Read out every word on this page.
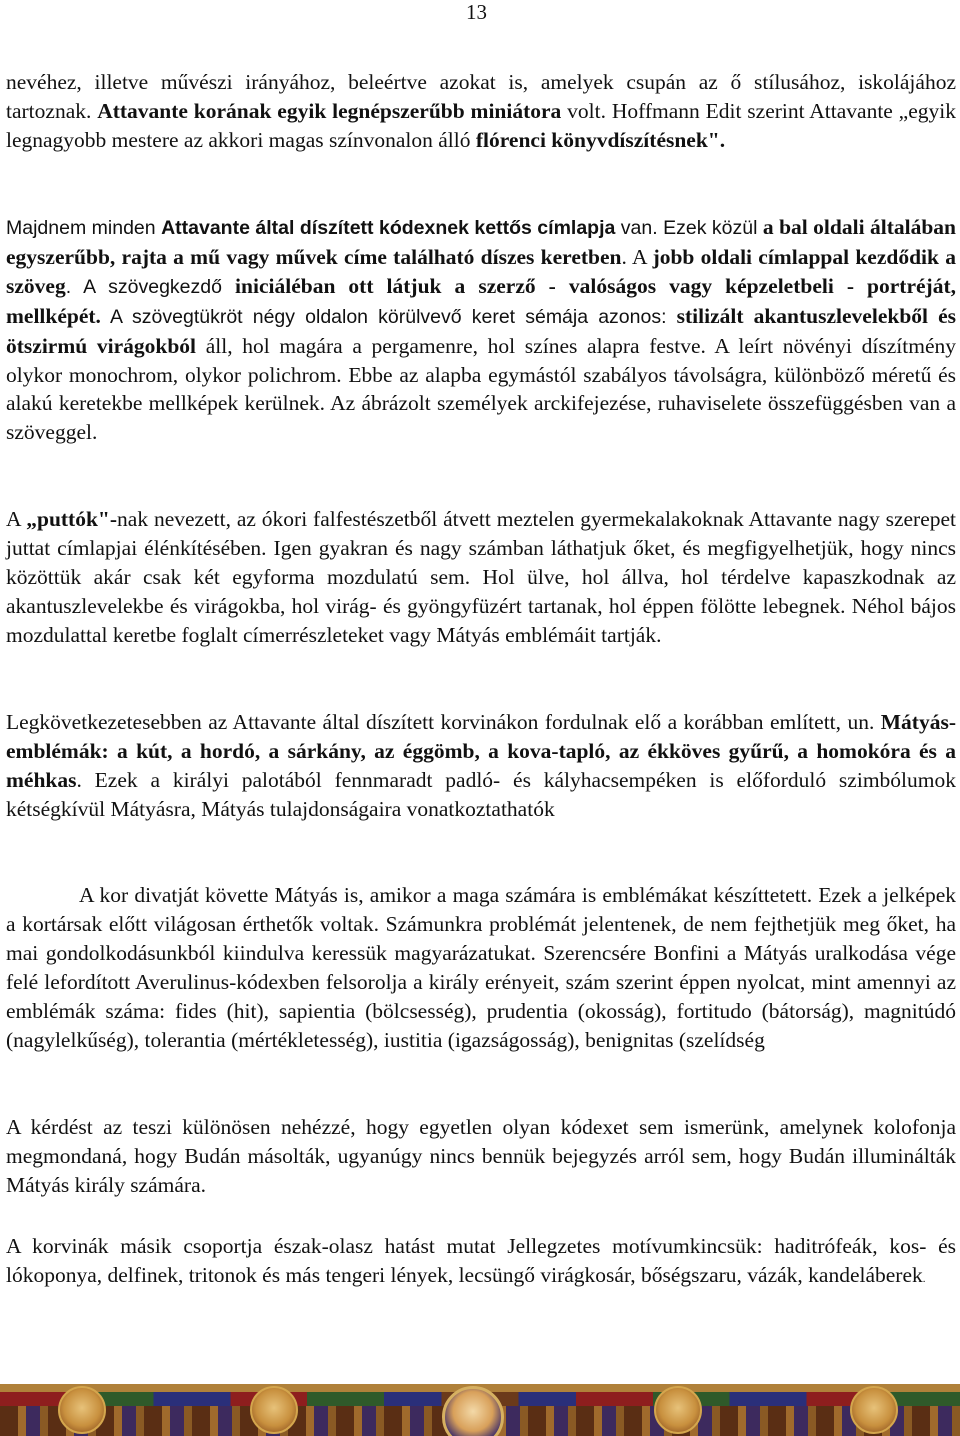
13

nevéhez, illetve művészi irányához, beleértve azokat is, amelyek csupán az ő stílusához, iskolájához tartoznak. Attavante korának egyik legnépszerűbb miniátora volt. Hoffmann Edit szerint Attavante „egyik legnagyobb mestere az akkori magas színvonalon álló flórenci könyvdíszítésnek".

Majdnem minden Attavante által díszített kódexnek kettős címlapja van. Ezek közül a bal oldali általában egyszerűbb, rajta a mű vagy művek címe található díszes keretben. A jobb oldali címlappal kezdődik a szöveg. A szövegkezdő iniciáléban ott látjuk a szerző - valóságos vagy képzeletbeli - portréját, mellképét. A szövegtükröt négy oldalon körülvevő keret sémája azonos: stilizált akantuszlevelekből és ötszirmú virágokból áll, hol magára a pergamenre, hol színes alapra festve. A leírt növényi díszítmény olykor monochrom, olykor polichrom. Ebbe az alapba egymástól szabályos távolságra, különböző méretű és alakú keretekbe mellképek kerülnek. Az ábrázolt személyek arckifejezése, ruhaviselete összefüggésben van a szöveggel.

A „puttók"-nak nevezett, az ókori falfestészetből átvett meztelen gyermekalakoknak Attavante nagy szerepet juttat címlapjai élénkítésében. Igen gyakran és nagy számban láthatjuk őket, és megfigyelhetjük, hogy nincs közöttük akár csak két egyforma mozdulatú sem. Hol ülve, hol állva, hol térdelve kapaszkodnak az akantuszlevelekbe és virágokba, hol virág- és gyöngyfüzért tartanak, hol éppen fölötte lebegnek. Néhol bájos mozdulattal keretbe foglalt címerrészleteket vagy Mátyás emblémáit tartják.

Legkövetkezetesebben az Attavante által díszített korvinákon fordulnak elő a korábban említett, un. Mátyás-emblémák: a kút, a hordó, a sárkány, az éggömb, a kova-tapló, az ékköves gyűrű, a homokóra és a méhkas. Ezek a királyi palotából fennmaradt padló- és kályhacsempéken is előforduló szimbólumok kétségkívül Mátyásra, Mátyás tulajdonságaira vonatkoztathatók

A kor divatját követte Mátyás is, amikor a maga számára is emblémákat készíttetett. Ezek a jelképek a kortársak előtt világosan érthetők voltak. Számunkra problémát jelentenek, de nem fejthetjük meg őket, ha mai gondolkodásunkból kiindulva keressük magyarázatukat. Szerencsére Bonfini a Mátyás uralkodása vége felé lefordított Averulinus-kódexben felsorolja a király erényeit, szám szerint éppen nyolcat, mint amennyi az emblémák száma: fides (hit), sapientia (bölcsesség), prudentia (okosság), fortitudo (bátorság), magnitúdó (nagylelkűség), tolerantia (mértékletesség), iustitia (igazságosság), benignitas (szelídség

A kérdést az teszi különösen nehézzé, hogy egyetlen olyan kódexet sem ismerünk, amelynek kolofonja megmondaná, hogy Budán másolták, ugyanúgy nincs bennük bejegyzés arról sem, hogy Budán illuminálták Mátyás király számára.

A korvinák másik csoportja észak-olasz hatást mutat Jellegzetes motívumkincsük: haditrófeák, kos- és lókoponya, delfinek, tritonok és más tengeri lények, lecsüngő virágkosár, bőségszaru, vázák, kandeláberek.
